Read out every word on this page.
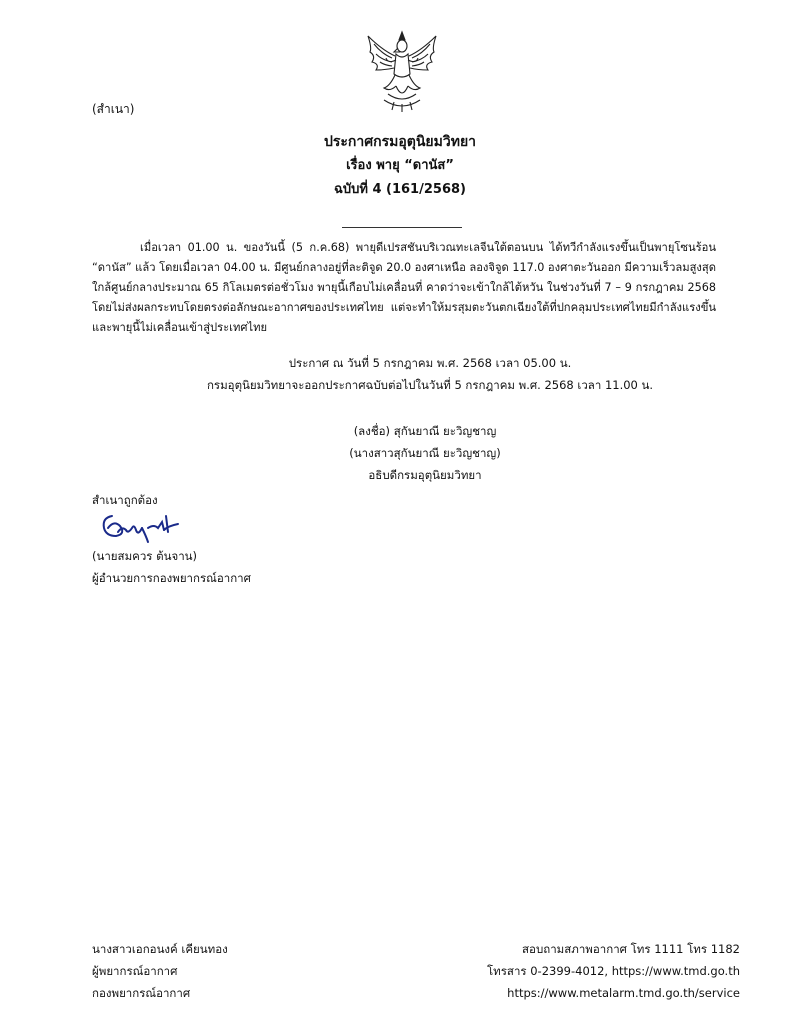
(สำเนา)
ประกาศกรมอุตุนิยมวิทยา
เรื่อง พายุ “ดานัส”
ฉบับที่ 4 (161/2568)
เมื่อเวลา 01.00 น. ของวันนี้ (5 ก.ค.68) พายุดีเปรสชันบริเวณทะเลจีนใต้ตอนบน ได้ทวีกำลังแรงขึ้นเป็นพายุโซนร้อน “ดานัส” แล้ว โดยเมื่อเวลา 04.00 น. มีศูนย์กลางอยู่ที่ละติจูด 20.0 องศาเหนือ ลองจิจูด 117.0 องศาตะวันออก มีความเร็วลมสูงสุดใกล้ศูนย์กลางประมาณ 65 กิโลเมตรต่อชั่วโมง พายุนี้เกือบไม่เคลื่อนที่ คาดว่าจะเข้าใกล้ไต้หวัน ในช่วงวันที่ 7 – 9 กรกฎาคม 2568 โดยไม่ส่งผลกระทบโดยตรงต่อลักษณะอากาศของประเทศไทย แต่จะทำให้มรสุมตะวันตกเฉียงใต้ที่ปกคลุมประเทศไทยมีกำลังแรงขึ้น และพายุนี้ไม่เคลื่อนเข้าสู่ประเทศไทย
ประกาศ ณ วันที่ 5 กรกฎาคม พ.ศ. 2568 เวลา 05.00 น.
กรมอุตุนิยมวิทยาจะออกประกาศฉบับต่อไปในวันที่ 5 กรกฎาคม พ.ศ. 2568 เวลา 11.00 น.
(ลงชื่อ) สุกันยาณี ยะวิญชาญ
(นางสาวสุกันยาณี ยะวิญชาญ)
อธิบดีกรมอุตุนิยมวิทยา
สำเนาถูกต้อง
(นายสมควร ต้นจาน)
ผู้อำนวยการกองพยากรณ์อากาศ
นางสาวเอกอนงค์ เคียนทอง
ผู้พยากรณ์อากาศ
กองพยากรณ์อากาศ
สอบถามสภาพอากาศ โทร 1111 โทร 1182
โทรสาร 0-2399-4012, https://www.tmd.go.th
https://www.metalarm.tmd.go.th/service
